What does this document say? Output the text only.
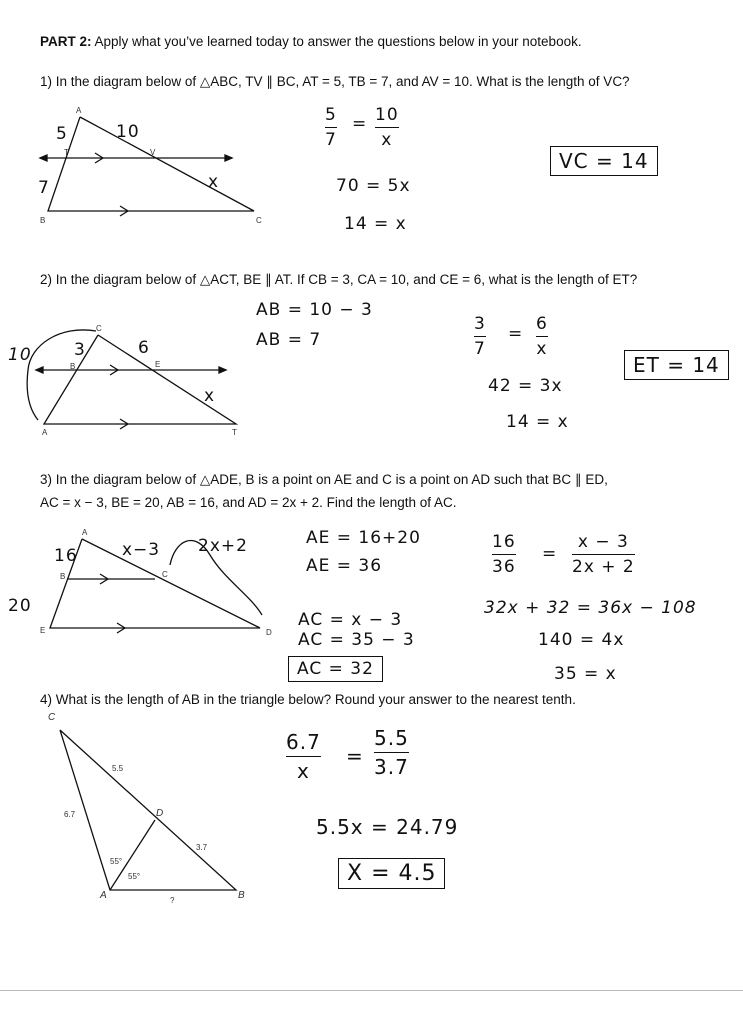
PART 2: Apply what you’ve learned today to answer the questions below in your notebook.
1) In the diagram below of △ABC, TV ∥ BC, AT = 5, TB = 7, and AV = 10. What is the length of VC?
A
T	V
B	C
5	10
7	x
5
7
= 10
x
70 = 5x
14 = x
VC = 14
2) In the diagram below of △ACT, BE ∥ AT. If CB = 3, CA = 10, and CE = 6, what is the length of ET?
C
B	E
A	T
10 3	6
x
AB = 10 − 3
AB = 7
3
7
= 6
x
42 = 3x
14 = x
ET = 14
3) In the diagram below of △ADE, B is a point on AE and C is a point on AD such that BC ∥ ED,
AC = x − 3, BE = 20, AB = 16, and AD = 2x + 2. Find the length of AC.
A
B	C
E	D
16	x−3 2x+2
20
AE = 16+20
AE = 36
AC = x − 3
AC = 35 − 3
AC = 32
16
36
=
x − 3
2x + 2
32x + 32 = 36x − 108
140 = 4x
35 = x
4) What is the length of AB in the triangle below? Round your answer to the nearest tenth.
C
5.5
6.7	D
3.7
55°
55°
A	B
?
6.7
x
=
5.5
3.7
5.5x = 24.79
X = 4.5
